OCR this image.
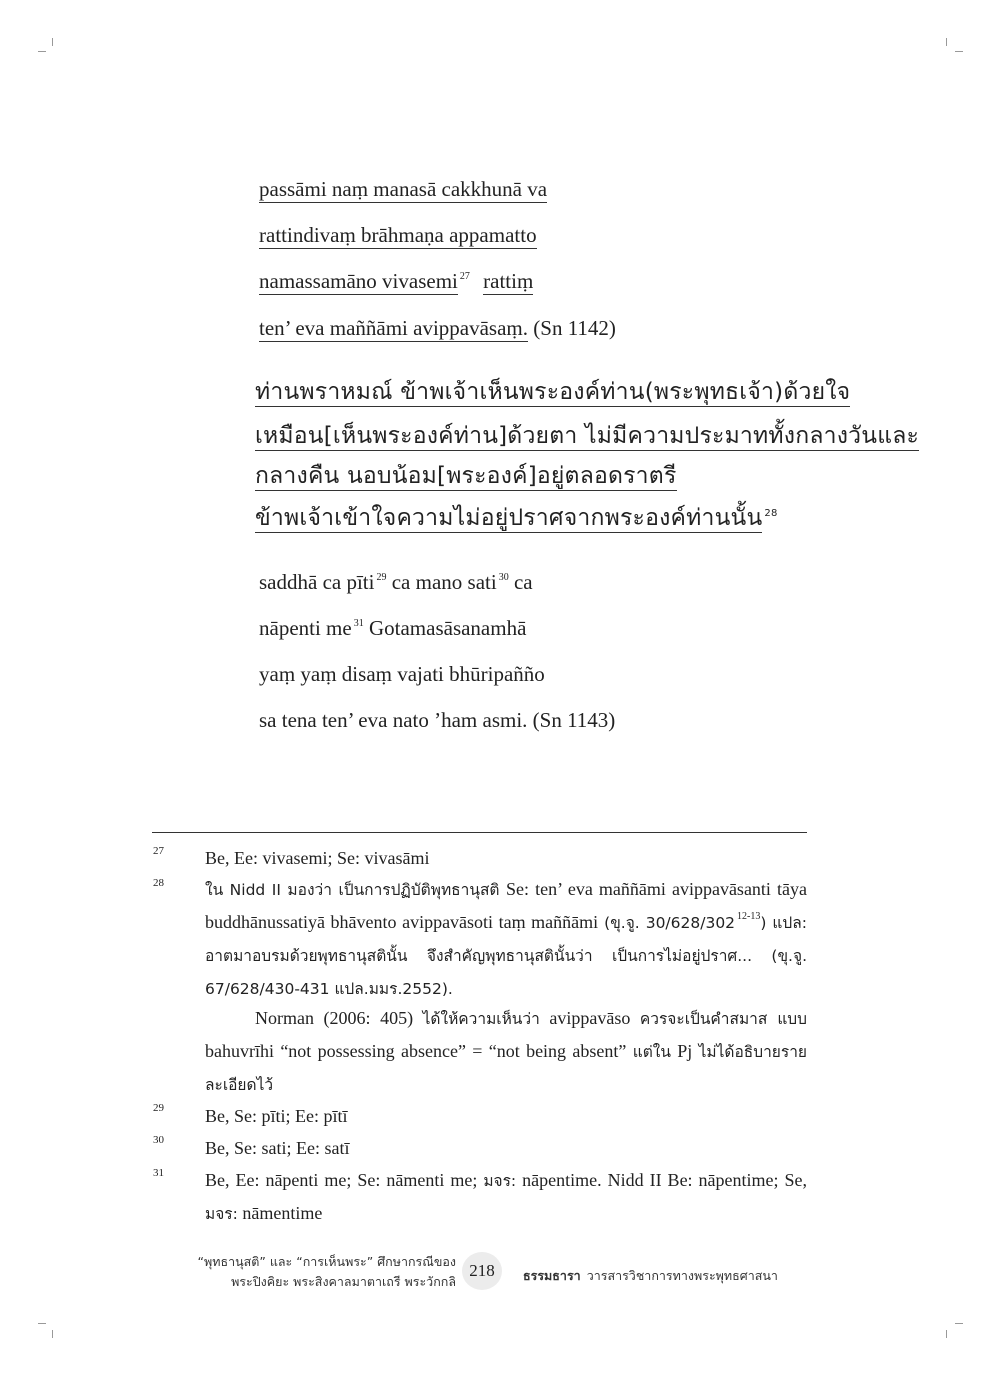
passāmi naṃ manasā cakkhunā va
rattindivaṃ brāhmaṇa appamatto
namassamāno vivasemi $^{27}$ rattiṃ
ten’ eva maññāmi avippavāsaṃ. (Sn 1142)
ท่านพราหมณ์ ข้าพเจ้าเห็นพระองค์ท่าน(พระพุทธเจ้า)ด้วยใจ
เหมือน[เห็นพระองค์ท่าน]ด้วยตา ไม่มีความประมาททั้งกลางวันและ
กลางคืน นอบน้อม[พระองค์]อยู่ตลอดราตรี
ข้าพเจ้าเข้าใจความไม่อยู่ปราศจากพระองค์ท่านนั้น $^{28}$
saddhā ca pīti $^{29}$ ca mano sati $^{30}$ ca
nāpenti me $^{31}$ Gotamasāsanamhā
yaṃ yaṃ disaṃ vajati bhūripañño
sa tena ten’ eva nato ’ham asmi. (Sn 1143)
27 Be, Ee: vivasemi; Se: vivasāmi
28	ใน Nidd II มองว่า เป็นการปฏิบัติพุทธานุสติ Se: ten’ eva maññāmi avippavāsanti tāya buddhānussatiyā bhāvento avippavāsoti taṃ maññāmi (ขุ.จู. 30/628/302 $^{12-13}$) แปล: อาตมาอบรมด้วยพุทธานุสตินั้น จึงสำคัญพุทธานุสตินั้นว่า เป็นการไม่อยู่ปราศ... (ขุ.จู. 67/628/430-431 แปล.มมร.2552).
Norman (2006: 405) ได้ให้ความเห็นว่า avippavāso ควรจะเป็นคำสมาส แบบ bahuvrīhi “not possessing absence” = “not being absent” แต่ใน Pj ไม่ได้อธิบายรายละเอียดไว้
29 Be, Se: pīti; Ee: pītī
30 Be, Se: sati; Ee: satī
31 Be, Ee: nāpenti me; Se: nāmenti me; มจร: nāpentime. Nidd II Be: nāpentime; Se, มจร: nāmentime
“พุทธานุสติ” และ “การเห็นพระ” ศึกษากรณีของ
พระปิงคิยะ พระสิงคาลมาตาเถรี พระวักกลิ
218	ธรรมธารา วารสารวิชาการทางพระพุทธศาสนา
